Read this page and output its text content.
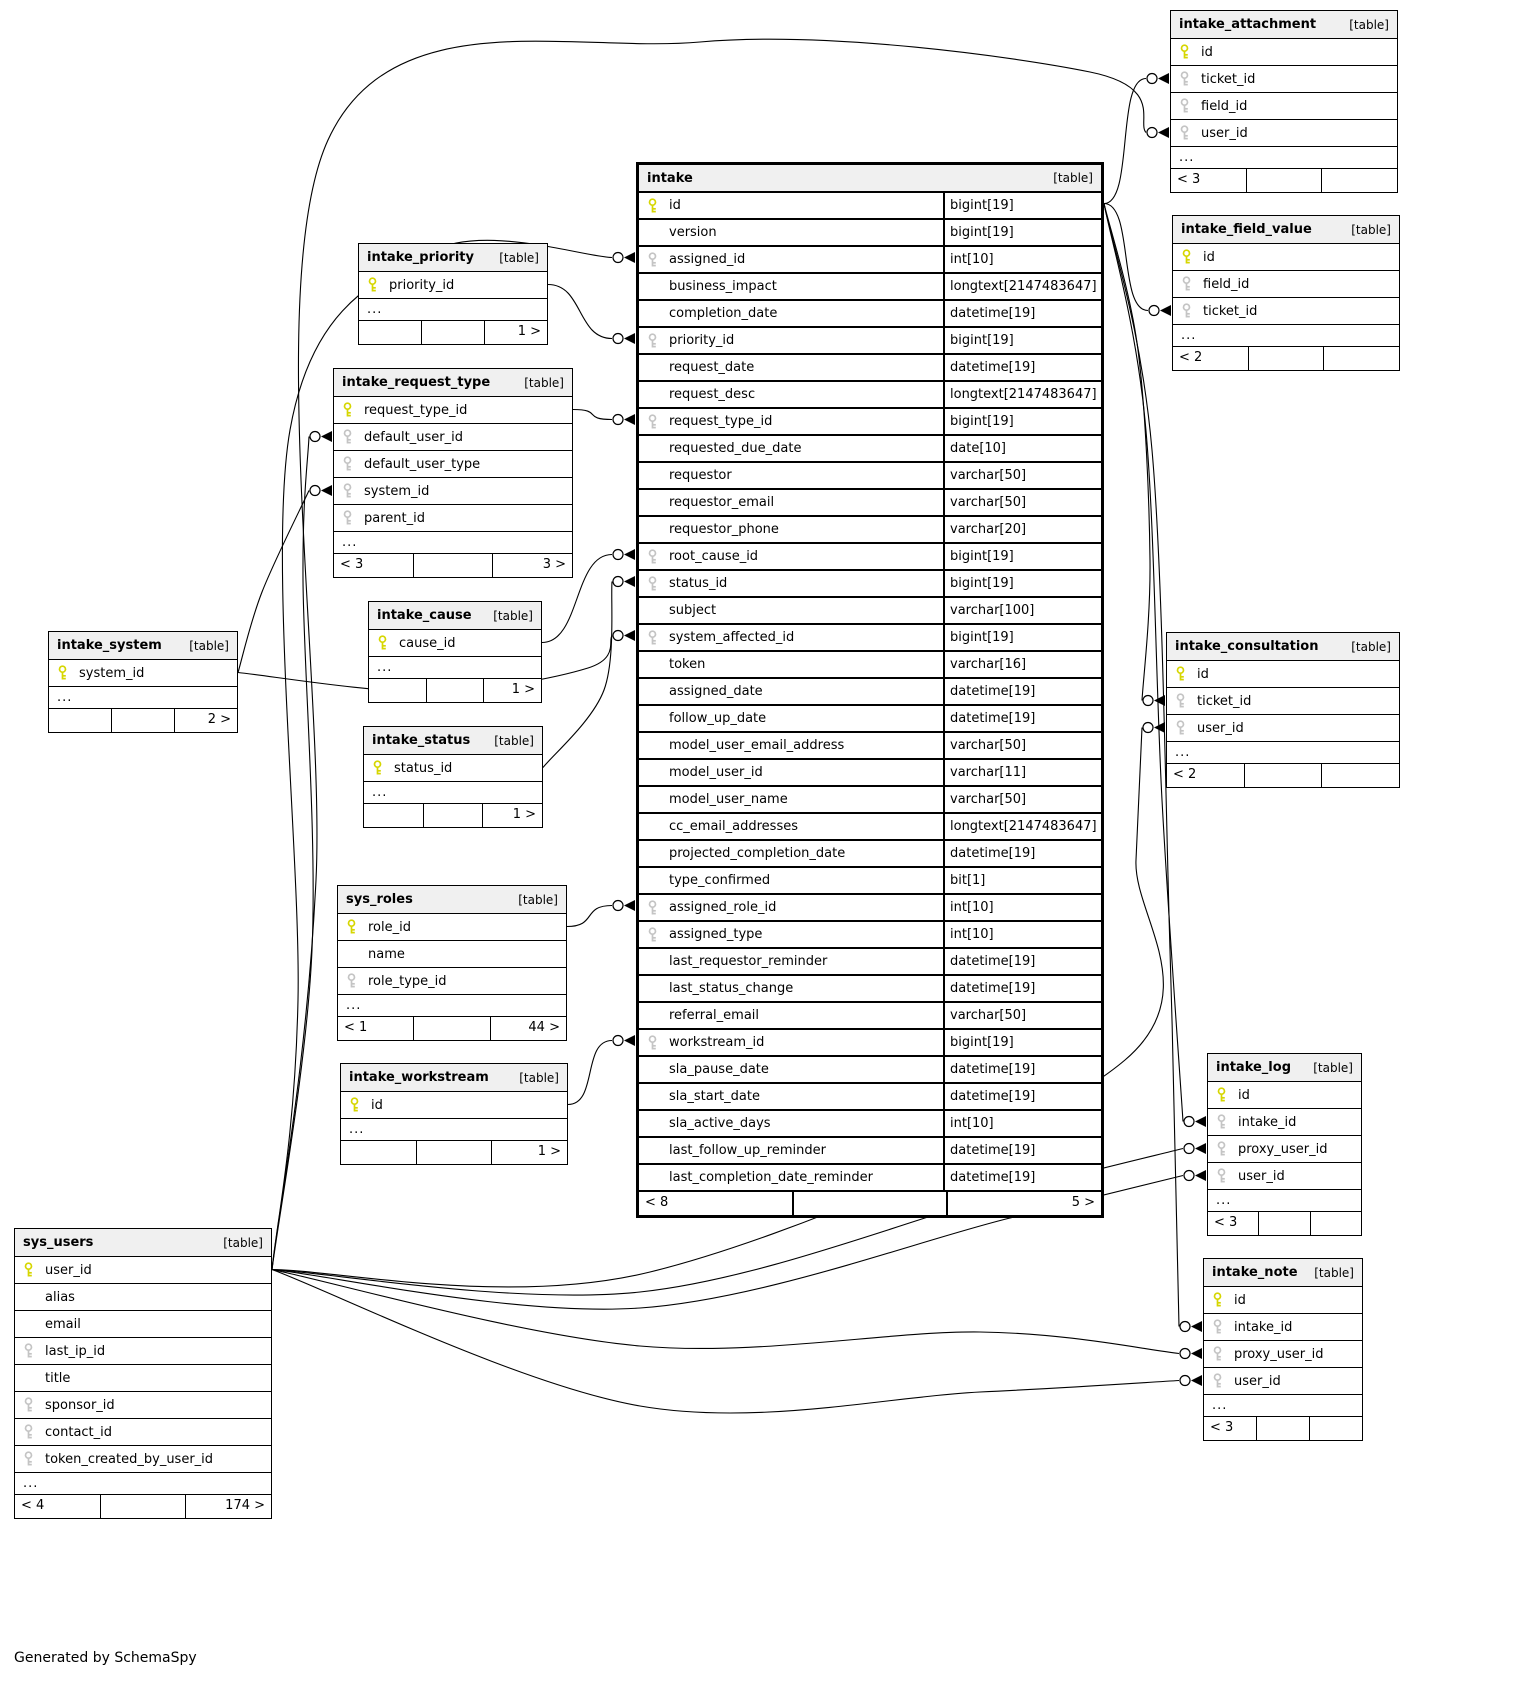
Generated by SchemaSpy
intake	[table]
id	bigint[19]
version	bigint[19]
assigned_id	int[10]
business_impact	longtext[2147483647]
completion_date	datetime[19]
priority_id	bigint[19]
request_date	datetime[19]
request_desc	longtext[2147483647]
request_type_id	bigint[19]
requested_due_date	date[10]
requestor	varchar[50]
requestor_email	varchar[50]
requestor_phone	varchar[20]
root_cause_id	bigint[19]
status_id	bigint[19]
subject	varchar[100]
system_affected_id	bigint[19]
token	varchar[16]
assigned_date	datetime[19]
follow_up_date	datetime[19]
model_user_email_address	varchar[50]
model_user_id	varchar[11]
model_user_name	varchar[50]
cc_email_addresses	longtext[2147483647]
projected_completion_date	datetime[19]
type_confirmed	bit[1]
assigned_role_id	int[10]
assigned_type	int[10]
last_requestor_reminder	datetime[19]
last_status_change	datetime[19]
referral_email	varchar[50]
workstream_id	bigint[19]
sla_pause_date	datetime[19]
sla_start_date	datetime[19]
sla_active_days	int[10]
last_follow_up_reminder	datetime[19]
last_completion_date_reminder	datetime[19]
< 8	5 >
intake_attachment	[table]
id
ticket_id
field_id
user_id
...
< 3
intake_field_value	[table]
id
field_id
ticket_id
...
< 2
intake_priority [table]
priority_id
...
1 >
intake_request_type	[table]
request_type_id
default_user_id
default_user_type
system_id
parent_id
...
< 3	3 >
intake_cause [table]
cause_id
...
1 >
intake_status [table]
status_id
...
1 >
intake_system [table]
system_id
...
2 >
intake_consultation	[table]
id
ticket_id
user_id
...
< 2
sys_roles	[table]
role_id
name
role_type_id
...
< 1	44 >
intake_workstream	[table]
id
...
1 >
intake_log [table]
id
intake_id
proxy_user_id
user_id
...
< 3
intake_note [table]
id
intake_id
proxy_user_id
user_id
...
< 3
sys_users	[table]
user_id
alias
email
last_ip_id
title
sponsor_id
contact_id
token_created_by_user_id
...
< 4	174 >
